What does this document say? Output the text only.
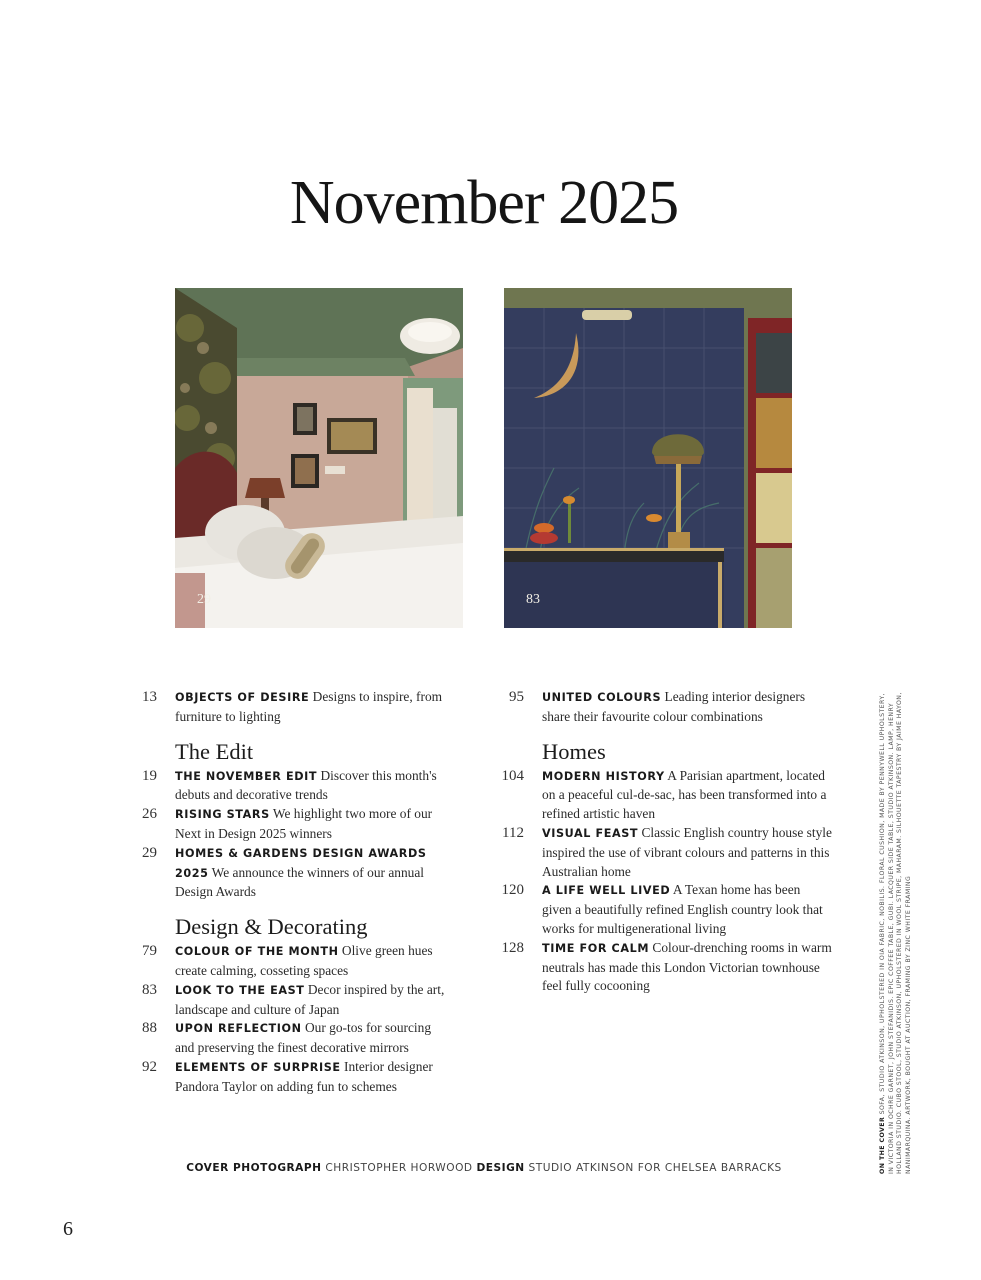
November 2025
29	83
13 OBJECTS OF DESIRE Designs to inspire, from furniture to lighting
The Edit
19 THE NOVEMBER EDIT Discover this month's debuts and decorative trends
26 RISING STARS We highlight two more of our Next in Design 2025 winners
29 HOMES & GARDENS DESIGN AWARDS 2025 We announce the winners of our annual Design Awards
Design & Decorating
79 COLOUR OF THE MONTH Olive green hues create calming, cosseting spaces
83 LOOK TO THE EAST Decor inspired by the art, landscape and culture of Japan
88 UPON REFLECTION Our go-tos for sourcing and preserving the finest decorative mirrors
92 ELEMENTS OF SURPRISE Interior designer Pandora Taylor on adding fun to schemes
95 UNITED COLOURS Leading interior designers share their favourite colour combinations
Homes
104 MODERN HISTORY A Parisian apartment, located on a peaceful cul-de-sac, has been transformed into a refined artistic haven
112 VISUAL FEAST Classic English country house style inspired the use of vibrant colours and patterns in this Australian home
120 A LIFE WELL LIVED A Texan home has been given a beautifully refined English country look that works for multigenerational living
128 TIME FOR CALM Colour-drenching rooms in warm neutrals has made this London Victorian townhouse feel fully cocooning
COVER PHOTOGRAPH CHRISTOPHER HORWOOD DESIGN STUDIO ATKINSON FOR CHELSEA BARRACKS	ON THE COVER SOFA, STUDIO ATKINSON, UPHOLSTERED IN OIA FABRIC, NOBILIS. FLORAL CUSHION, MADE BY PENNYWELL UPHOLSTERY, IN VICTORIA IN OCHRE GARNET, JOHN STEFANIDIS. EPIC COFFEE TABLE, GUBI. LACQUER SIDE TABLE, STUDIO ATKINSON. LAMP, HENRY HOLLAND STUDIO. CUBO STOOL, STUDIO ATKINSON, UPHOLSTERED IN WOOL STRIPE, MAHARAM. SILHOUETTE TAPESTRY BY JAIME HAYON, NANIMARQUINA. ARTWORK, BOUGHT AT AUCTION, FRAMING BY ZINC WHITE FRAMING
6
